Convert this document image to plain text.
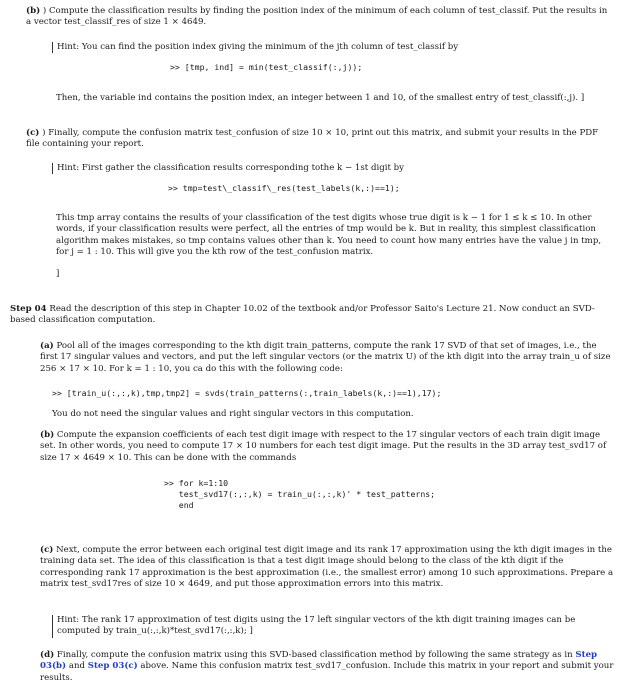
(b) ) Compute the classification results by finding the position index of the minimum of each column of test_classif. Put the results in a vector test_classif_res of size 1 × 4649.

Hint: You can find the position index giving the minimum of the jth column of test_classif by

>> [tmp, ind] = min(test_classif(:,j));

Then, the variable ind contains the position index, an integer between 1 and 10, of the smallest entry of test_classif(:,j). ]

(c) ) Finally, compute the confusion matrix test_confusion of size 10 × 10, print out this matrix, and submit your results in the PDF file containing your report.

Hint: First gather the classification results corresponding tothe k − 1st digit by

>> tmp=test\_classif\_res(test_labels(k,:)==1);

This tmp array contains the results of your classification of the test digits whose true digit is k − 1 for 1 ≤ k ≤ 10. In other words, if your classification results were perfect, all the entries of tmp would be k. But in reality, this simplest classification algorithm makes mistakes, so tmp contains values other than k. You need to count how many entries have the value j in tmp, for j = 1 : 10. This will give you the kth row of the test_confusion matrix.

]

Step 04 Read the description of this step in Chapter 10.02 of the textbook and/or Professor Saito's Lecture 21. Now conduct an SVD-based classification computation.

(a) Pool all of the images corresponding to the kth digit train_patterns, compute the rank 17 SVD of that set of images, i.e., the first 17 singular values and vectors, and put the left singular vectors (or the matrix U) of the kth digit into the array train_u of size 256 × 17 × 10. For k = 1 : 10, you ca do this with the following code:

>> [train_u(:,:,k),tmp,tmp2] = svds(train_patterns(:,train_labels(k,:)==1),17);

You do not need the singular values and right singular vectors in this computation.

(b) Compute the expansion coefficients of each test digit image with respect to the 17 singular vectors of each train digit image set. In other words, you need to compute 17 × 10 numbers for each test digit image. Put the results in the 3D array test_svd17 of size 17 × 4649 × 10. This can be done with the commands

>> for k=1:10
test_svd17(:,:,k) = train_u(:,:,k)' * test_patterns;
end

(c) Next, compute the error between each original test digit image and its rank 17 approximation using the kth digit images in the training data set. The idea of this classification is that a test digit image should belong to the class of the kth digit if the corresponding rank 17 approximation is the best approximation (i.e., the smallest error) among 10 such approximations. Prepare a matrix test_svd17res of size 10 × 4649, and put those approximation errors into this matrix.

Hint: The rank 17 approximation of test digits using the 17 left singular vectors of the kth digit training images can be computed by train_u(:,:,k)*test_svd17(:,:,k); ]

(d) Finally, compute the confusion matrix using this SVD-based classification method by following the same strategy as in Step 03(b) and Step 03(c) above. Name this confusion matrix test_svd17_confusion. Include this matrix in your report and submit your results.
